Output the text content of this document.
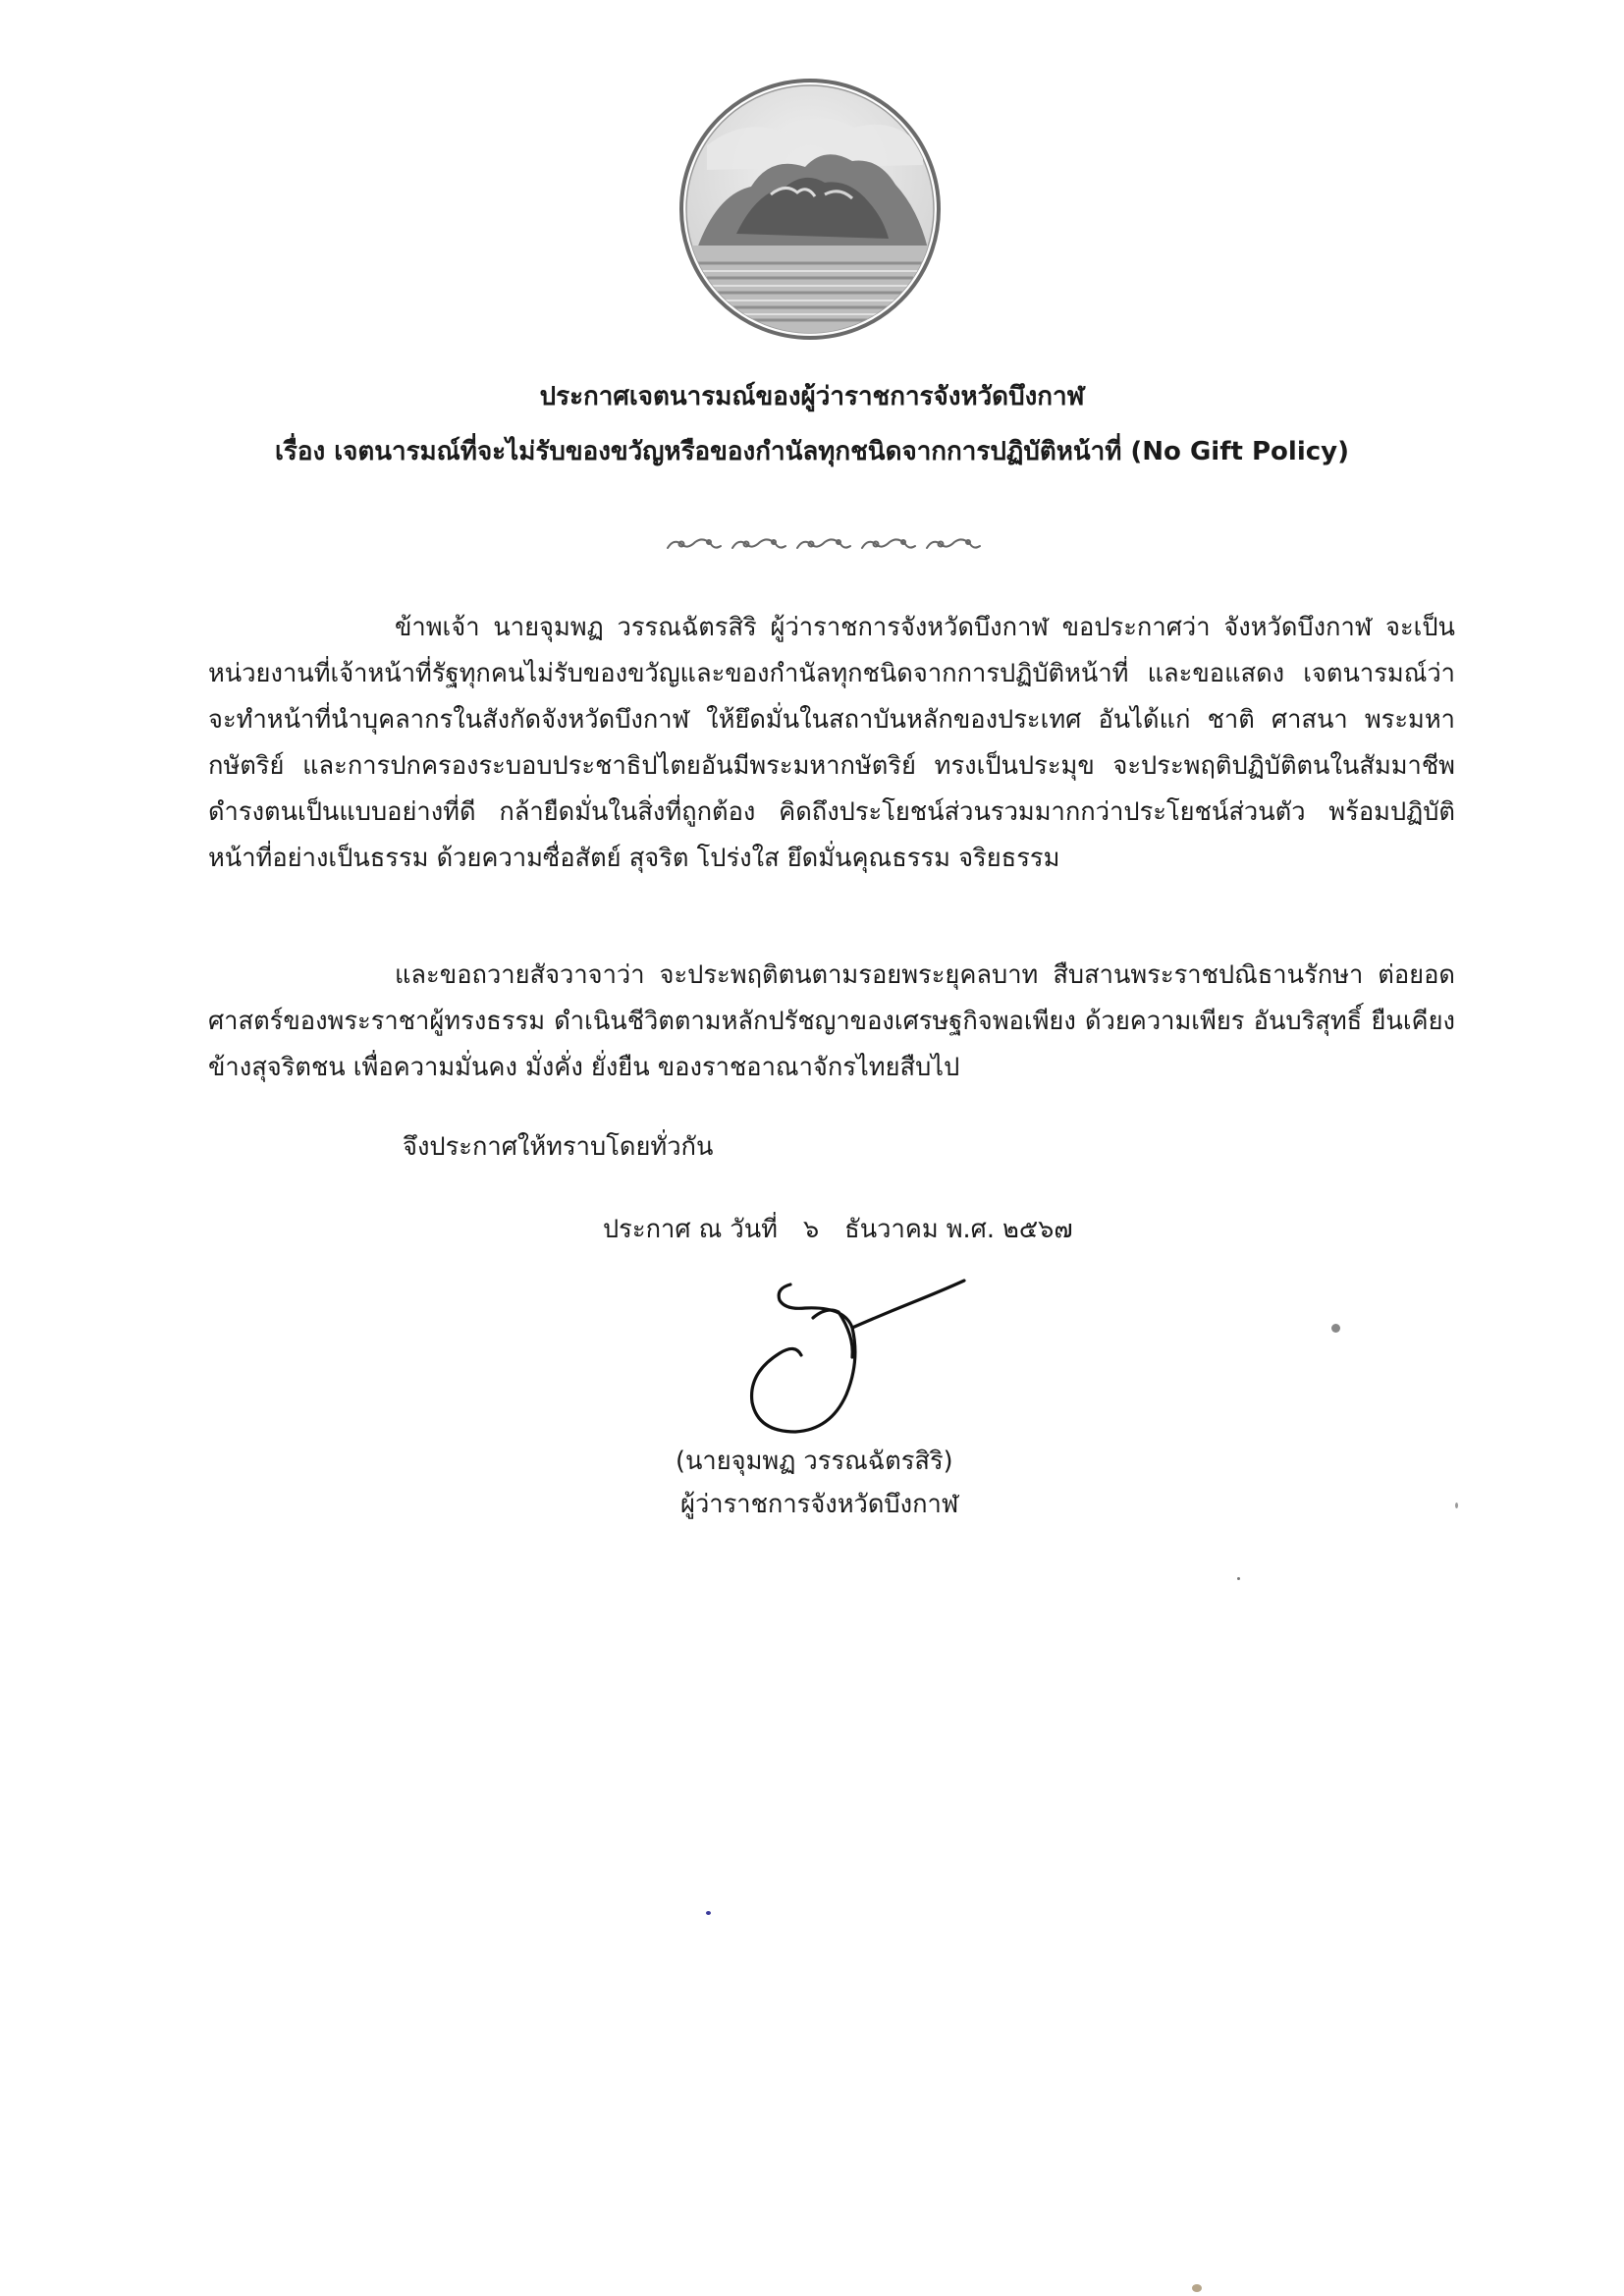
ประกาศเจตนารมณ์ของผู้ว่าราชการจังหวัดบึงกาฬ
เรื่อง เจตนารมณ์ที่จะไม่รับของขวัญหรือของกำนัลทุกชนิดจากการปฏิบัติหน้าที่ (No Gift Policy)
ข้าพเจ้า นายจุมพฏ วรรณฉัตรสิริ ผู้ว่าราชการจังหวัดบึงกาฬ ขอประกาศว่า จังหวัดบึงกาฬ จะเป็นหน่วยงานที่เจ้าหน้าที่รัฐทุกคนไม่รับของขวัญและของกำนัลทุกชนิดจากการปฏิบัติหน้าที่ และขอแสดง เจตนารมณ์ว่า จะทำหน้าที่นำบุคลากรในสังกัดจังหวัดบึงกาฬ ให้ยึดมั่นในสถาบันหลักของประเทศ อันได้แก่ ชาติ ศาสนา พระมหากษัตริย์ และการปกครองระบอบประชาธิปไตยอันมีพระมหากษัตริย์ ทรงเป็นประมุข จะประพฤติปฏิบัติตนในสัมมาชีพ ดำรงตนเป็นแบบอย่างที่ดี กล้ายืดมั่นในสิ่งที่ถูกต้อง คิดถึงประโยชน์ส่วนรวมมากกว่าประโยชน์ส่วนตัว พร้อมปฏิบัติหน้าที่อย่างเป็นธรรม ด้วยความซื่อสัตย์ สุจริต โปร่งใส ยึดมั่นคุณธรรม จริยธรรม
และขอถวายสัจวาจาว่า จะประพฤติตนตามรอยพระยุคลบาท สืบสานพระราชปณิธานรักษา ต่อยอดศาสตร์ของพระราชาผู้ทรงธรรม ดำเนินชีวิตตามหลักปรัชญาของเศรษฐกิจพอเพียง ด้วยความเพียร อันบริสุทธิ์ ยืนเคียงข้างสุจริตชน เพื่อความมั่นคง มั่งคั่ง ยั่งยืน ของราชอาณาจักรไทยสืบไป
จึงประกาศให้ทราบโดยทั่วกัน
ประกาศ ณ วันที่ ๖ ธันวาคม พ.ศ. ๒๕๖๗
(นายจุมพฏ วรรณฉัตรสิริ)
ผู้ว่าราชการจังหวัดบึงกาฬ
